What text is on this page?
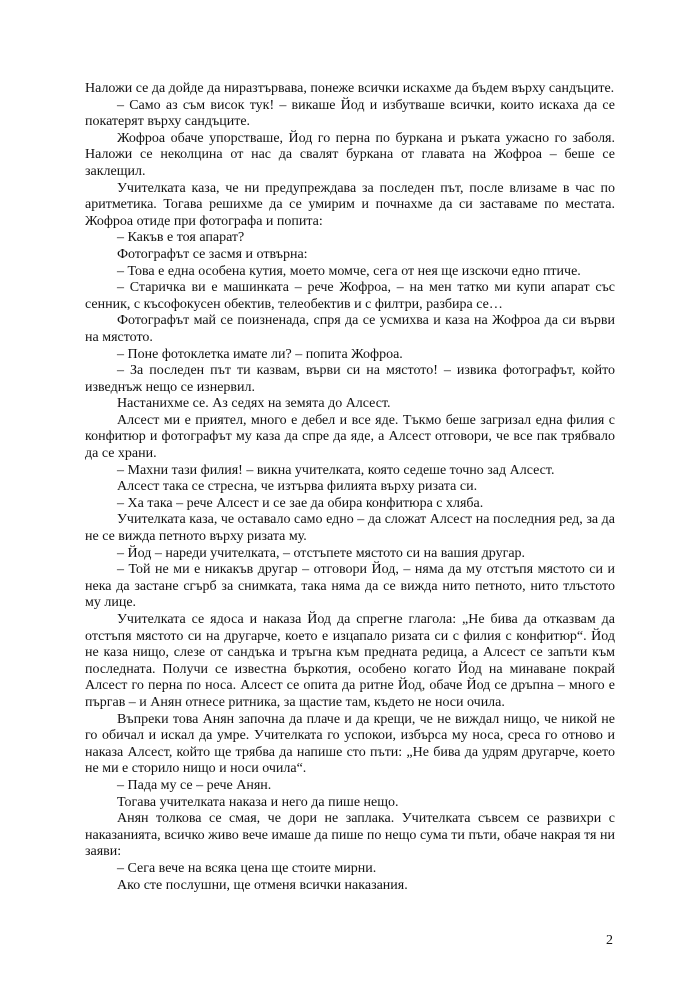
Наложи се да дойде да ниразтървава, понеже всички искахме да бъдем върху сандъците.

– Само аз съм висок тук! – викаше Йод и избутваше всички, които искаха да се покатерят върху сандъците.

Жофроа обаче упорстваше, Йод го перна по буркана и ръката ужасно го заболя. Наложи се неколцина от нас да свалят буркана от главата на Жофроа – беше се заклещил.

Учителката каза, че ни предупреждава за последен път, после влизаме в час по аритметика. Тогава решихме да се умирим и почнахме да си заставаме по местата. Жофроа отиде при фотографа и попита:

– Какъв е тоя апарат?

Фотографът се засмя и отвърна:

– Това е една особена кутия, моето момче, сега от нея ще изскочи едно птиче.

– Старичка ви е машинката – рече Жофроа, – на мен татко ми купи апарат със сенник, с късофокусен обектив, телеобектив и с филтри, разбира се…

Фотографът май се поизненада, спря да се усмихва и каза на Жофроа да си върви на мястото.

– Поне фотоклетка имате ли? – попита Жофроа.

– За последен път ти казвам, върви си на мястото! – извика фотографът, който изведнъж нещо се изнервил.

Настанихме се. Аз седях на земята до Алсест.

Алсест ми е приятел, много е дебел и все яде. Тъкмо беше загризал една филия с конфитюр и фотографът му каза да спре да яде, а Алсест отговори, че все пак трябвало да се храни.

– Махни тази филия! – викна учителката, която седеше точно зад Алсест.

Алсест така се стресна, че изтърва филията върху ризата си.

– Ха така – рече Алсест и се зае да обира конфитюра с хляба.

Учителката каза, че оставало само едно – да сложат Алсест на последния ред, за да не се вижда петното върху ризата му.

– Йод – нареди учителката, – отстъпете мястото си на вашия другар.

– Той не ми е никакъв другар – отговори Йод, – няма да му отстъпя мястото си и нека да застане сгърб за снимката, така няма да се вижда нито петното, нито тлъстото му лице.

Учителката се ядоса и наказа Йод да спрегне глагола: „Не бива да отказвам да отстъпя мястото си на другарче, което е изцапало ризата си с филия с конфитюр“. Йод не каза нищо, слезе от сандъка и тръгна към предната редица, а Алсест се запъти към последната. Получи се известна бъркотия, особено когато Йод на минаване покрай Алсест го перна по носа. Алсест се опита да ритне Йод, обаче Йод се дръпна – много е пъргав – и Анян отнесе ритника, за щастие там, където не носи очила.

Въпреки това Анян започна да плаче и да крещи, че не виждал нищо, че никой не го обичал и искал да умре. Учителката го успокои, избърса му носа, среса го отново и наказа Алсест, който ще трябва да напише сто пъти: „Не бива да удрям другарче, което не ми е сторило нищо и носи очила“.

– Пада му се – рече Анян.

Тогава учителката наказа и него да пише нещо.

Анян толкова се смая, че дори не заплака. Учителката съвсем се развихри с наказанията, всичко живо вече имаше да пише по нещо сума ти пъти, обаче накрая тя ни заяви:

– Сега вече на всяка цена ще стоите мирни.

Ако сте послушни, ще отменя всички наказания.

2
